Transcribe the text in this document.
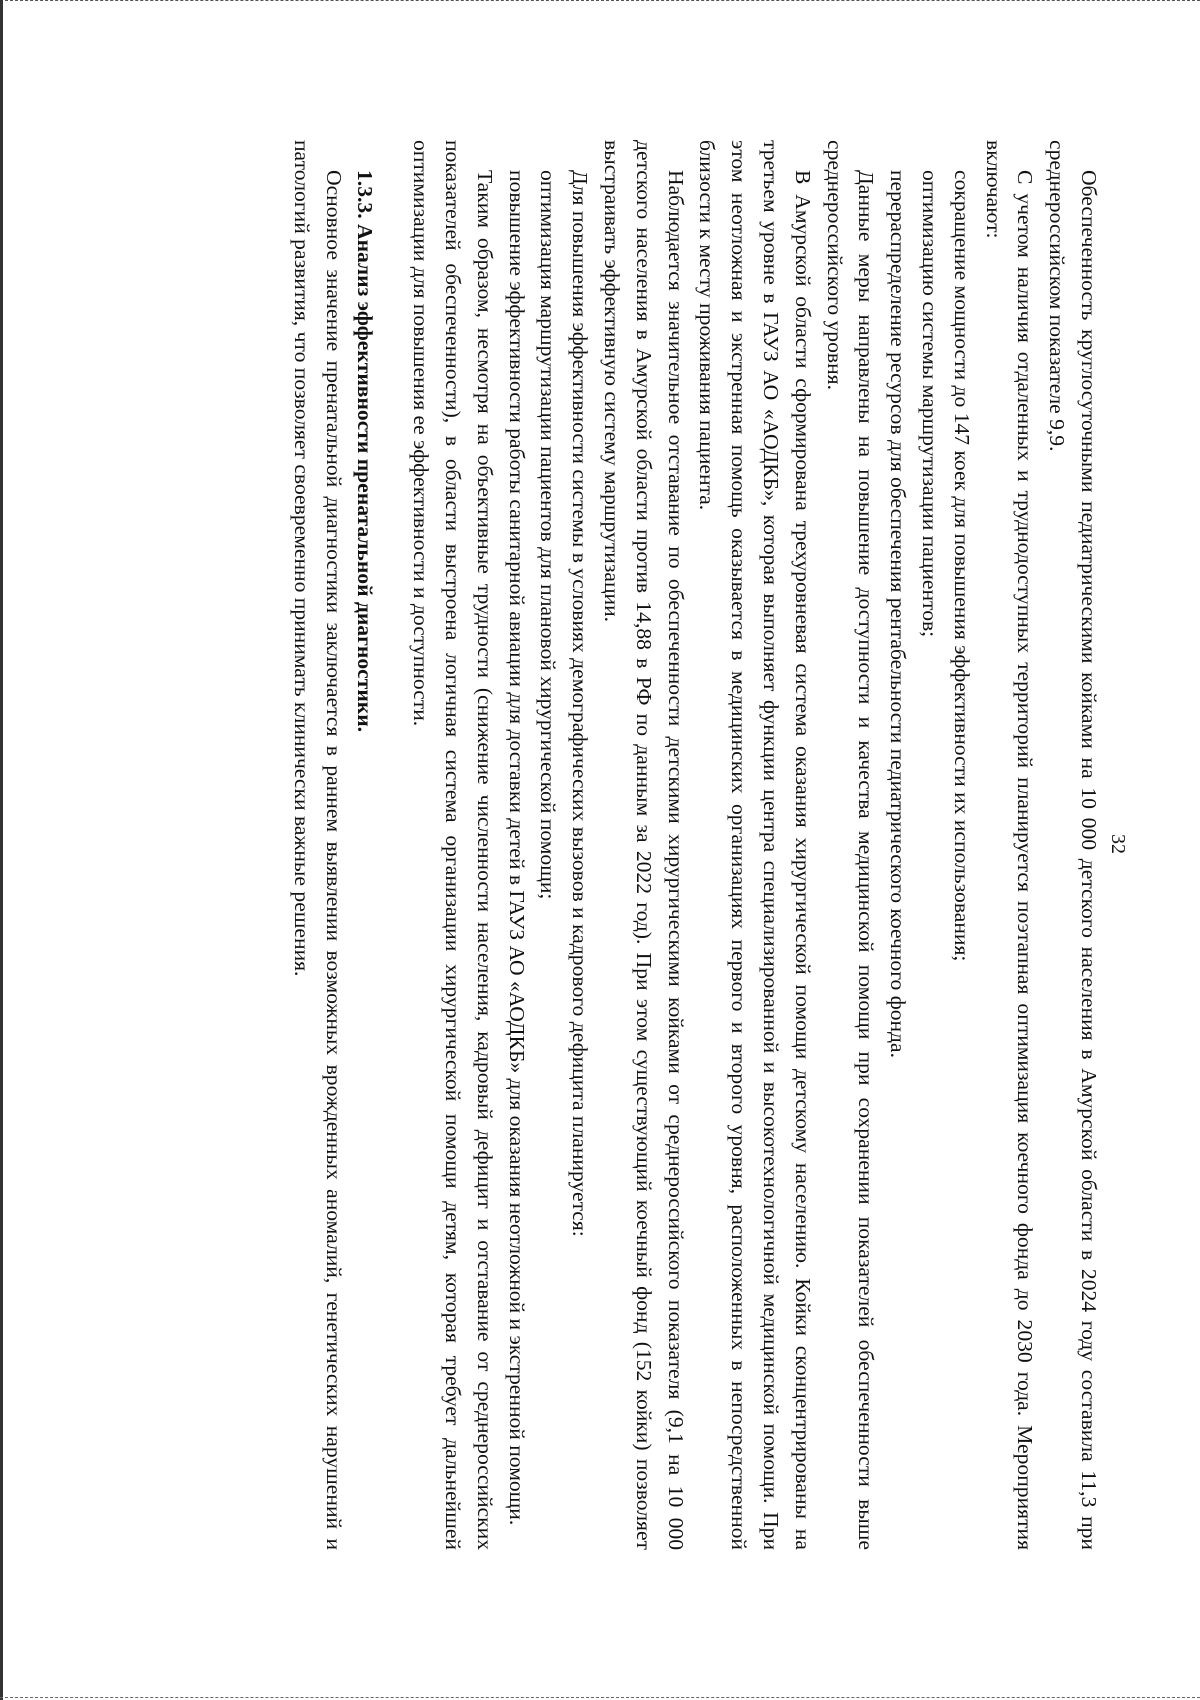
32

Обеспеченность круглосуточными педиатрическими койками на 10 000 детского населения в Амурской области в 2024 году составила 11,3 при среднероссийском показателе 9,9.

С учетом наличия отдаленных и труднодоступных территорий планируется поэтапная оптимизация коечного фонда до 2030 года. Мероприятия включают:

сокращение мощности до 147 коек для повышения эффективности их использования;

оптимизацию системы маршрутизации пациентов;

перераспределение ресурсов для обеспечения рентабельности педиатрического коечного фонда.

Данные меры направлены на повышение доступности и качества медицинской помощи при сохранении показателей обеспеченности выше среднероссийского уровня.

В Амурской области сформирована трехуровневая система оказания хирургической помощи детскому населению. Койки сконцентрированы на третьем уровне в ГАУЗ АО «АОДКБ», которая выполняет функции центра специализированной и высокотехнологичной медицинской помощи. При этом неотложная и экстренная помощь оказывается в медицинских организациях первого и второго уровня, расположенных в непосредственной близости к месту проживания пациента.

Наблюдается значительное отставание по обеспеченности детскими хирургическими койками от среднероссийского показателя (9,1 на 10 000 детского населения в Амурской области против 14,88 в РФ по данным за 2022 год). При этом существующий коечный фонд (152 койки) позволяет выстраивать эффективную систему маршрутизации.

Для повышения эффективности системы в условиях демографических вызовов и кадрового дефицита планируется:

оптимизация маршрутизации пациентов для плановой хирургической помощи;

повышение эффективности работы санитарной авиации для доставки детей в ГАУЗ АО «АОДКБ» для оказания неотложной и экстренной помощи.

Таким образом, несмотря на объективные трудности (снижение численности населения, кадровый дефицит и отставание от среднероссийских показателей обеспеченности), в области выстроена логичная система организации хирургической помощи детям, которая требует дальнейшей оптимизации для повышения ее эффективности и доступности.

1.3.3. Анализ эффективности пренатальной диагностики.

Основное значение пренатальной диагностики заключается в раннем выявлении возможных врожденных аномалий, генетических нарушений и патологий развития, что позволяет своевременно принимать клинически важные решения.
